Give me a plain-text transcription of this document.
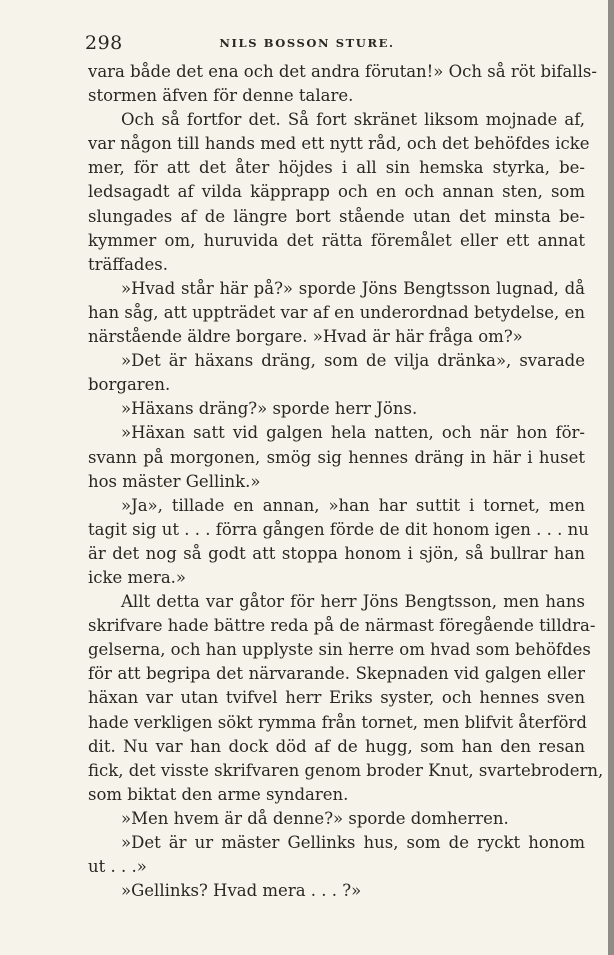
298	NILS BOSSON STURE.
vara både det ena och det andra förutan!» Och så röt bifalls-
stormen äfven för denne talare.
Och så fortfor det. Så fort skränet liksom mojnade af,
var någon till hands med ett nytt råd, och det behöfdes icke
mer, för att det åter höjdes i all sin hemska styrka, be-
ledsagadt af vilda käpprapp och en och annan sten, som
slungades af de längre bort stående utan det minsta be-
kymmer om, huruvida det rätta föremålet eller ett annat
träffades.
»Hvad står här på?» sporde Jöns Bengtsson lugnad, då
han såg, att uppträdet var af en underordnad betydelse, en
närstående äldre borgare. »Hvad är här fråga om?»
»Det är häxans dräng, som de vilja dränka», svarade
borgaren.
»Häxans dräng?» sporde herr Jöns.
»Häxan satt vid galgen hela natten, och när hon för-
svann på morgonen, smög sig hennes dräng in här i huset
hos mäster Gellink.»
»Ja», tillade en annan, »han har suttit i tornet, men
tagit sig ut . . . förra gången förde de dit honom igen . . . nu
är det nog så godt att stoppa honom i sjön, så bullrar han
icke mera.»
Allt detta var gåtor för herr Jöns Bengtsson, men hans
skrifvare hade bättre reda på de närmast föregående tilldra-
gelserna, och han upplyste sin herre om hvad som behöfdes
för att begripa det närvarande. Skepnaden vid galgen eller
häxan var utan tvifvel herr Eriks syster, och hennes sven
hade verkligen sökt rymma från tornet, men blifvit återförd
dit. Nu var han dock död af de hugg, som han den resan
fick, det visste skrifvaren genom broder Knut, svartebrodern,
som biktat den arme syndaren.
»Men hvem är då denne?» sporde domherren.
»Det är ur mäster Gellinks hus, som de ryckt honom
ut . . .»
»Gellinks? Hvad mera . . . ?»
